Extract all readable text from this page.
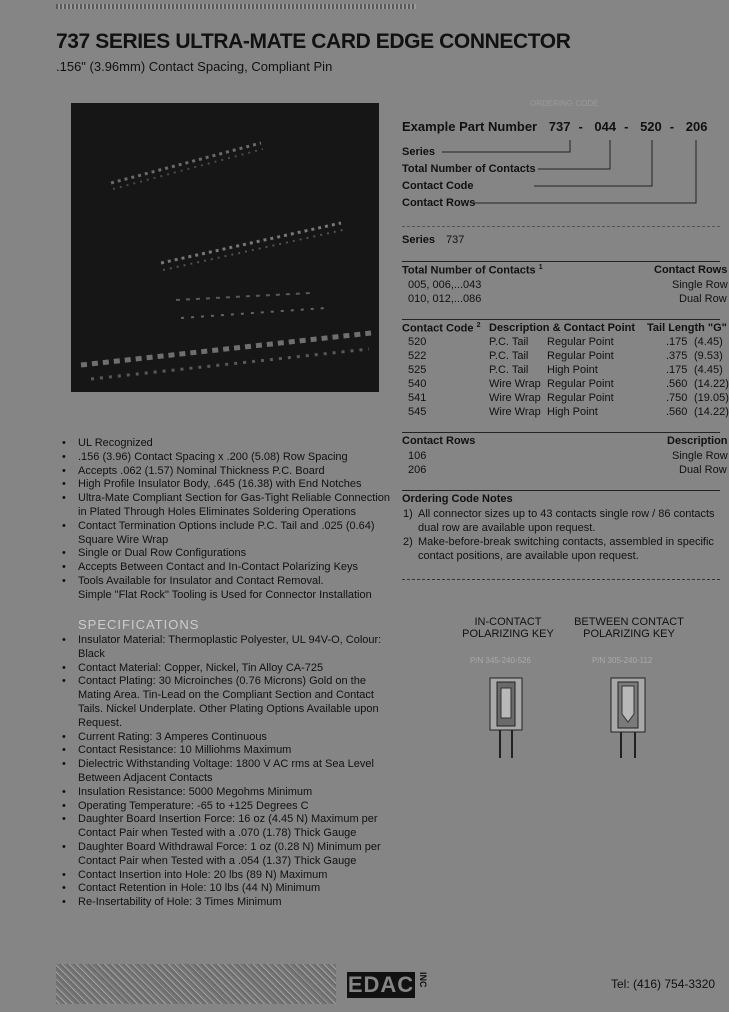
737 SERIES ULTRA-MATE CARD EDGE CONNECTOR
.156" (3.96mm) Contact Spacing, Compliant Pin
ORDERING CODE
Example Part Number 737 - 044 - 520 - 206
Series
Total Number of Contacts
Contact Code
Contact Rows
Series 737
Total Number of Contacts $^1$	Contact Rows
005, 006,...043	Single Row
010, 012,...086	Dual Row
Contact Code $^2$ Description & Contact Point Tail Length "G"
520	P.C. Tail Regular Point	.175 (4.45)
522	P.C. Tail Regular Point	.375 (9.53)
525	P.C. Tail High Point	.175 (4.45)
540	Wire Wrap Regular Point	.560 (14.22)
541	Wire Wrap Regular Point	.750 (19.05)
545	Wire Wrap High Point	.560 (14.22)
Contact Rows	Description
106	Single Row
206	Dual Row
Ordering Code Notes
1) All connector sizes up to 43 contacts single row / 86 contacts
dual row are available upon request.
2) Make-before-break switching contacts, assembled in specific
contact positions, are available upon request.
IN-CONTACT
POLARIZING KEY
P/N 345-240-526
BETWEEN CONTACT
POLARIZING KEY
P/N 305-240-112
• UL Recognized
• .156 (3.96) Contact Spacing x .200 (5.08) Row Spacing
• Accepts .062 (1.57) Nominal Thickness P.C. Board
• High Profile Insulator Body, .645 (16.38) with End Notches
• Ultra-Mate Compliant Section for Gas-Tight Reliable Connection
in Plated Through Holes Eliminates Soldering Operations
• Contact Termination Options include P.C. Tail and .025 (0.64)
Square Wire Wrap
• Single or Dual Row Configurations
• Accepts Between Contact and In-Contact Polarizing Keys
• Tools Available for Insulator and Contact Removal.
Simple "Flat Rock" Tooling is Used for Connector Installation
SPECIFICATIONS
• Insulator Material: Thermoplastic Polyester, UL 94V-O, Colour:
Black
• Contact Material: Copper, Nickel, Tin Alloy CA-725
• Contact Plating: 30 Microinches (0.76 Microns) Gold on the
Mating Area. Tin-Lead on the Compliant Section and Contact
Tails. Nickel Underplate. Other Plating Options Available upon
Request.
• Current Rating: 3 Amperes Continuous
• Contact Resistance: 10 Milliohms Maximum
• Dielectric Withstanding Voltage: 1800 V AC rms at Sea Level
Between Adjacent Contacts
• Insulation Resistance: 5000 Megohms Minimum
• Operating Temperature: -65 to +125 Degrees C
• Daughter Board Insertion Force: 16 oz (4.45 N) Maximum per
Contact Pair when Tested with a .070 (1.78) Thick Gauge
• Daughter Board Withdrawal Force: 1 oz (0.28 N) Minimum per
Contact Pair when Tested with a .054 (1.37) Thick Gauge
• Contact Insertion into Hole: 20 lbs (89 N) Maximum
• Contact Retention in Hole: 10 lbs (44 N) Minimum
• Re-Insertability of Hole: 3 Times Minimum
EDAC INC	Tel: (416) 754-3320
